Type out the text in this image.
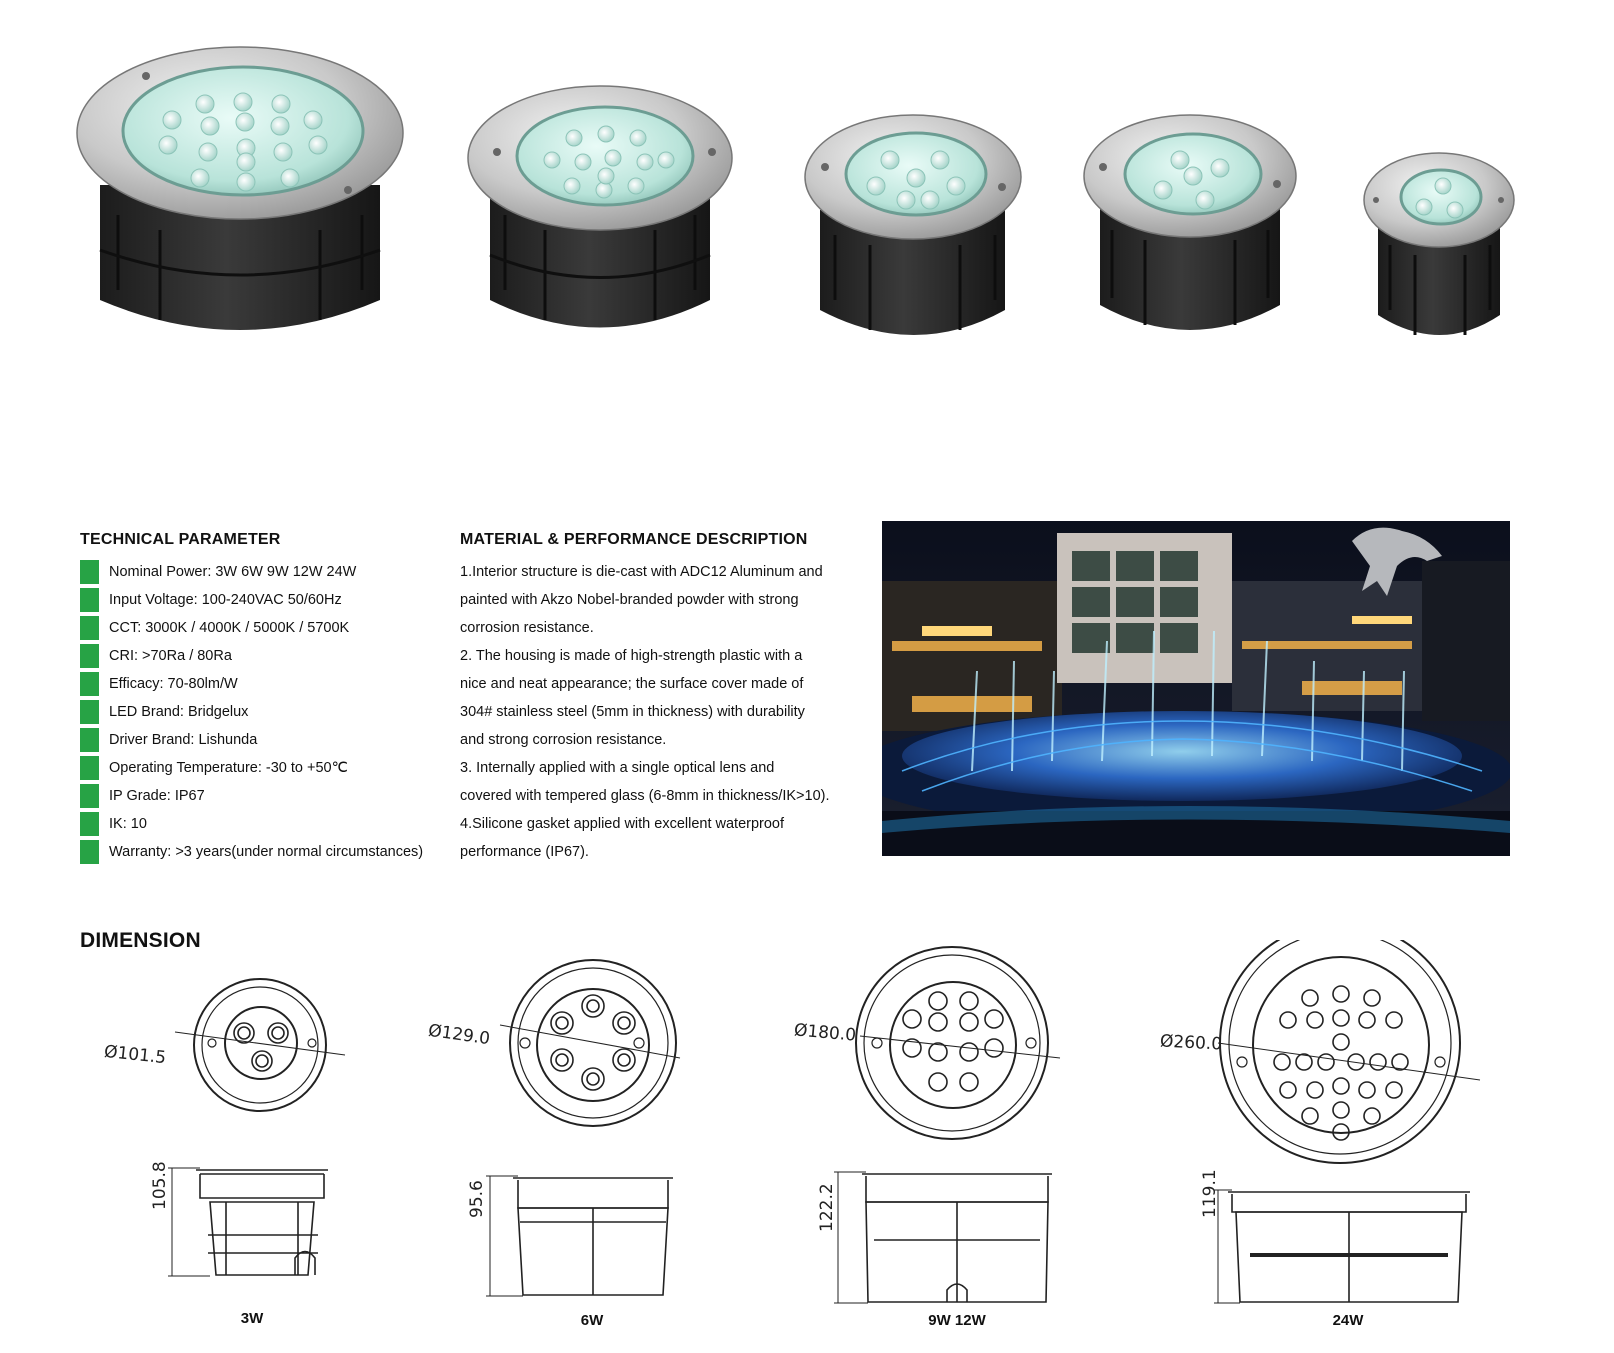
TECHNICAL PARAMETER
Nominal Power: 3W 6W 9W 12W 24W
Input Voltage: 100-240VAC 50/60Hz
CCT: 3000K / 4000K / 5000K / 5700K
CRI: >70Ra / 80Ra
Efficacy: 70-80lm/W
LED Brand: Bridgelux
Driver Brand: Lishunda
Operating Temperature: -30 to +50℃
IP Grade: IP67
IK: 10
Warranty: >3 years(under normal circumstances)
MATERIAL & PERFORMANCE DESCRIPTION
1.Interior structure is die-cast with ADC12 Aluminum and
painted with Akzo Nobel-branded powder with strong
corrosion resistance.
2. The housing is made of high-strength plastic with a
nice and neat appearance; the surface cover made of
304# stainless steel (5mm in thickness) with durability
and strong corrosion resistance.
3. Internally applied with a single optical lens and
covered with tempered glass (6-8mm in thickness/IK>10).
4.Silicone gasket applied with excellent waterproof
performance (IP67).
DIMENSION
Ø101.5
Ø129.0	Ø180.0	Ø260.0
105.8	95.6	122.2	119.1
3W	6W	9W 12W	24W
